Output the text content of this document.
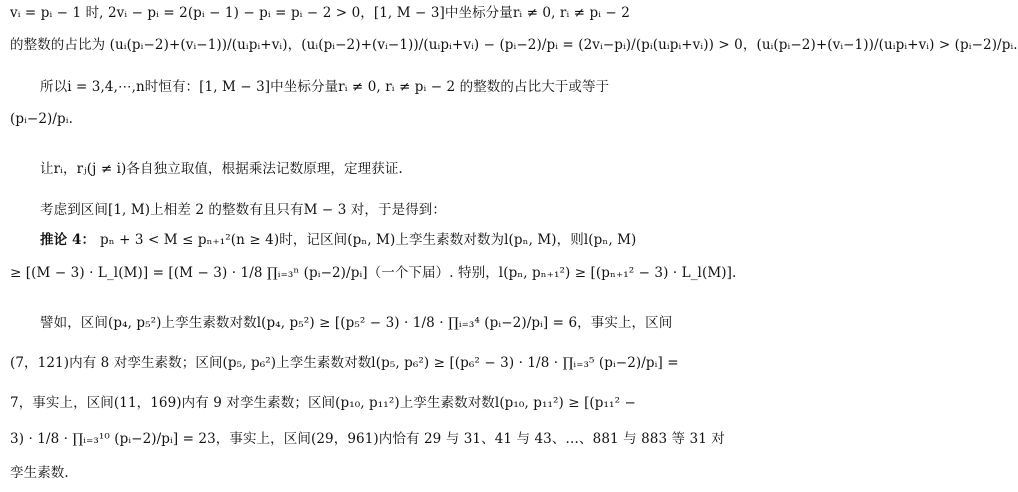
vᵢ = pᵢ − 1 时, 2vᵢ − pᵢ = 2(pᵢ − 1) − pᵢ = pᵢ − 2 > 0，[1, M − 3]中坐标分量rᵢ ≠ 0, rᵢ ≠ pᵢ − 2
的整数的占比为 (uᵢ(pᵢ−2)+(vᵢ−1))/(uᵢpᵢ+vᵢ)，(uᵢ(pᵢ−2)+(vᵢ−1))/(uᵢpᵢ+vᵢ) − (pᵢ−2)/pᵢ = (2vᵢ−pᵢ)/(pᵢ(uᵢpᵢ+vᵢ)) > 0，(uᵢ(pᵢ−2)+(vᵢ−1))/(uᵢpᵢ+vᵢ) > (pᵢ−2)/pᵢ.
所以i = 3,4,⋯,n时恒有：[1, M − 3]中坐标分量rᵢ ≠ 0, rᵢ ≠ pᵢ − 2 的整数的占比大于或等于
(pᵢ−2)/pᵢ.
让rᵢ，rⱼ(j ≠ i)各自独立取值，根据乘法记数原理，定理获证.
考虑到区间[1, M)上相差 2 的整数有且只有M − 3 对，于是得到：
推论 4： pₙ + 3 < M ≤ pₙ₊₁²(n ≥ 4)时，记区间(pₙ, M)上孪生素数对数为l(pₙ, M)，则l(pₙ, M)
≥ [(M − 3) · L_l(M)] = [(M − 3) · 1/8 ∏ᵢ₌₃ⁿ (pᵢ−2)/pᵢ]（一个下届）. 特别，l(pₙ, pₙ₊₁²) ≥ [(pₙ₊₁² − 3) · L_l(M)].
譬如，区间(p₄, p₅²)上孪生素数对数l(p₄, p₅²) ≥ [(p₅² − 3) · 1/8 · ∏ᵢ₌₃⁴ (pᵢ−2)/pᵢ] = 6，事实上，区间
(7，121)内有 8 对孪生素数；区间(p₅, p₆²)上孪生素数对数l(p₅, p₆²) ≥ [(p₆² − 3) · 1/8 · ∏ᵢ₌₃⁵ (pᵢ−2)/pᵢ] =
7，事实上，区间(11，169)内有 9 对孪生素数；区间(p₁₀, p₁₁²)上孪生素数对数l(p₁₀, p₁₁²) ≥ [(p₁₁² −
3) · 1/8 · ∏ᵢ₌₃¹⁰ (pᵢ−2)/pᵢ] = 23，事实上，区间(29，961)内恰有 29 与 31、41 与 43、…、881 与 883 等 31 对
孪生素数.
